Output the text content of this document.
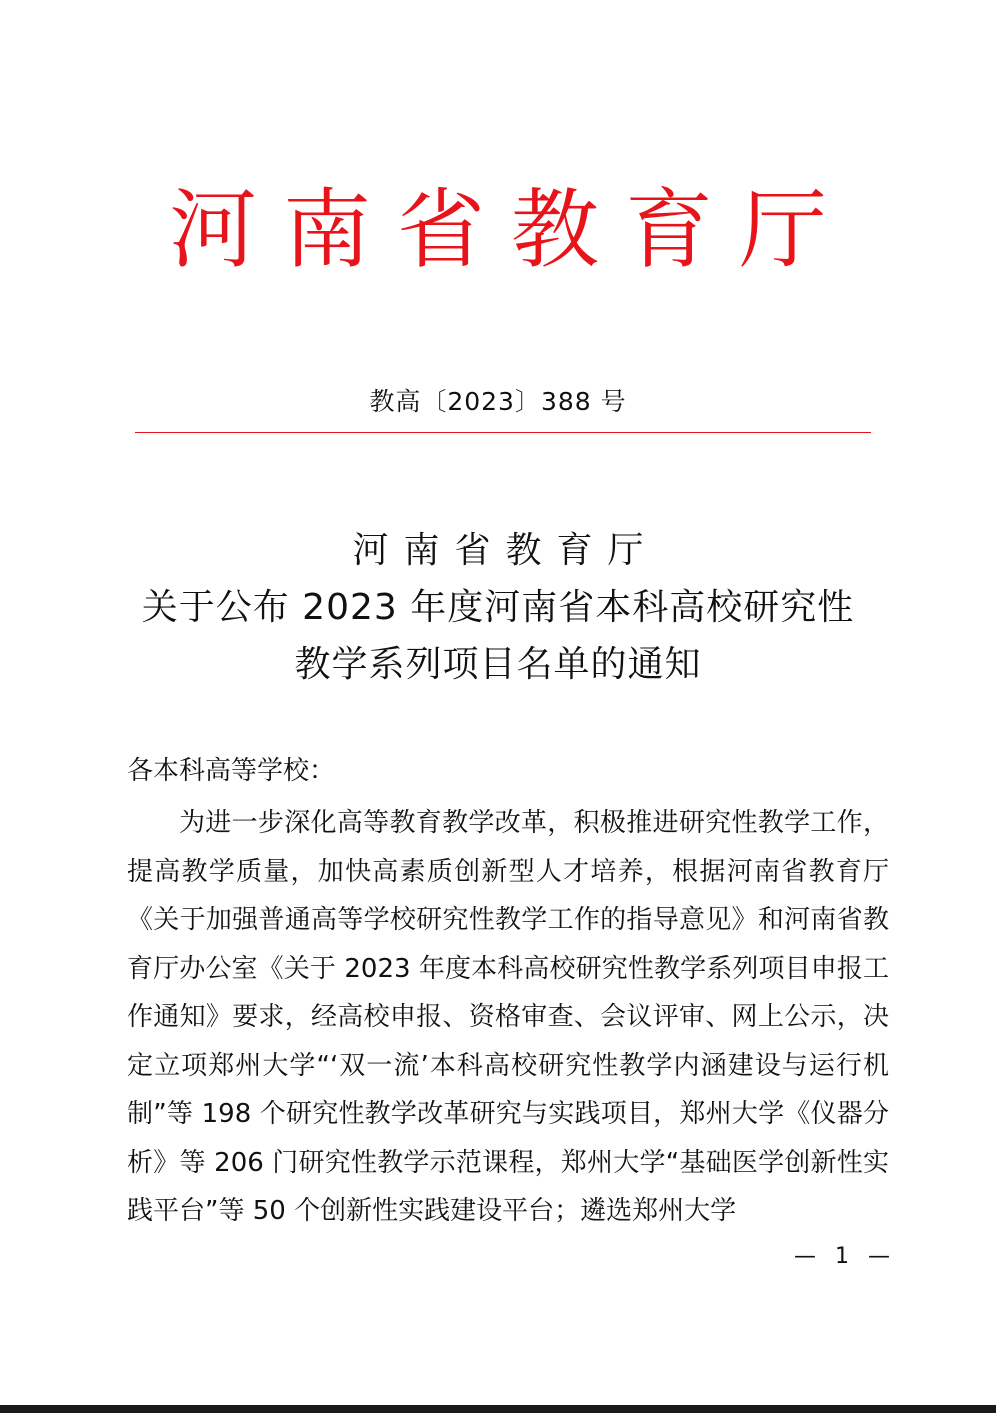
河南省教育厅
教高〔2023〕388 号
河南省教育厅
关于公布 2023 年度河南省本科高校研究性
教学系列项目名单的通知
各本科高等学校：

为进一步深化高等教育教学改革，积极推进研究性教学工作，提高教学质量，加快高素质创新型人才培养，根据河南省教育厅《关于加强普通高等学校研究性教学工作的指导意见》和河南省教育厅办公室《关于 2023 年度本科高校研究性教学系列项目申报工作通知》要求，经高校申报、资格审查、会议评审、网上公示，决定立项郑州大学“‘双一流’本科高校研究性教学内涵建设与运行机制”等 198 个研究性教学改革研究与实践项目，郑州大学《仪器分析》等 206 门研究性教学示范课程，郑州大学“基础医学创新性实践平台”等 50 个创新性实践建设平台；遴选郑州大学

— 1 —
